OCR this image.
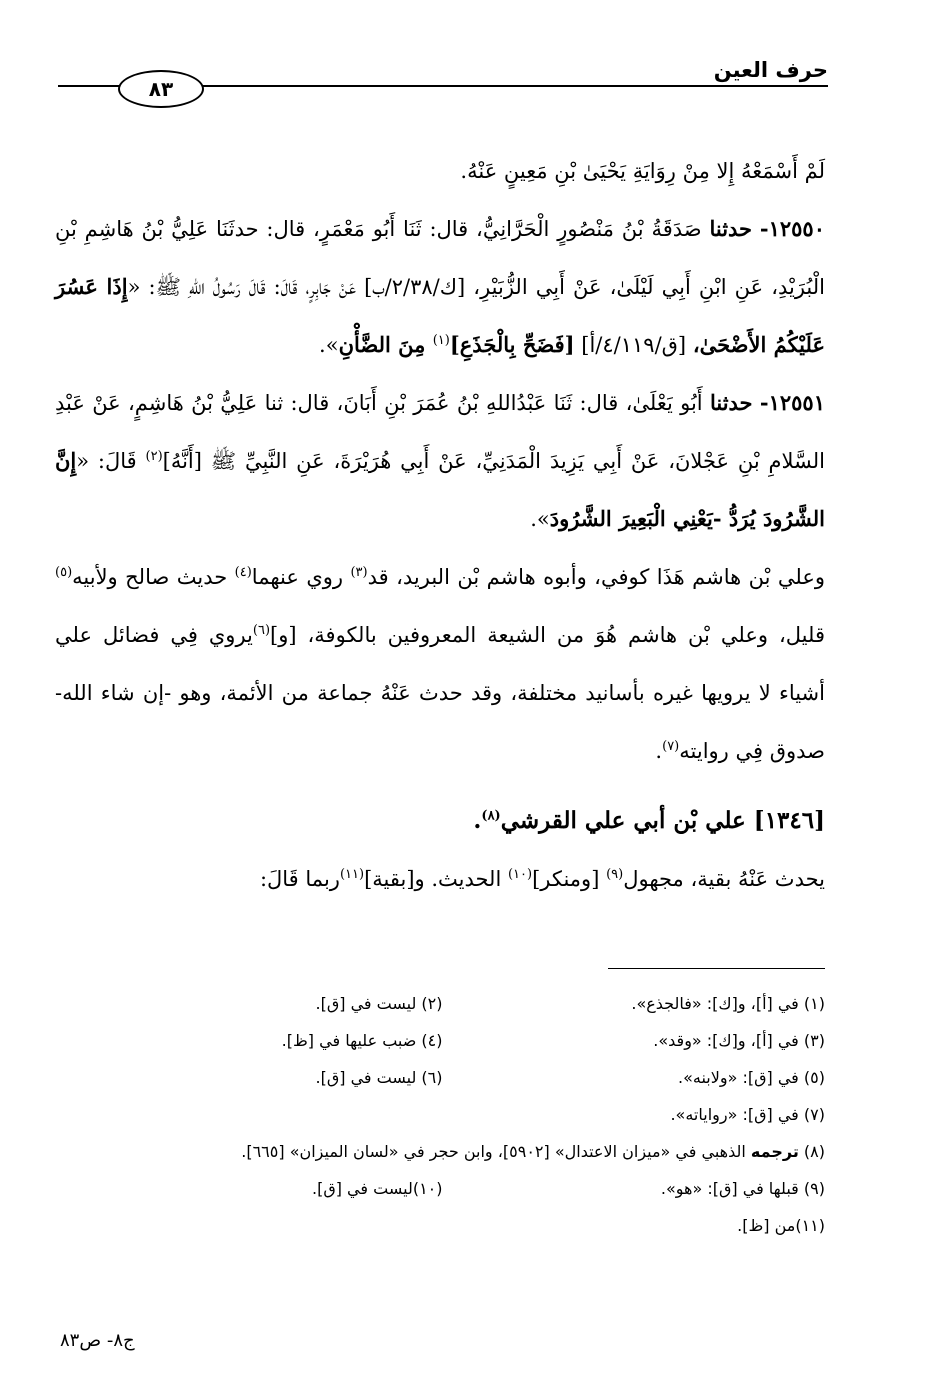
حرف العين
٨٣

لَمْ أَسْمَعْهُ إِلا مِنْ رِوَايَةِ يَحْيَىٰ بْنِ مَعِينٍ عَنْهُ.

١٢٥٥٠- حدثنا صَدَقَةُ بْنُ مَنْصُورٍ الْحَرَّانِيُّ، قال: ثَنَا أَبُو مَعْمَرٍ، قال: حدثَنَا عَلِيُّ بْنُ هَاشِمِ بْنِ الْبُرَيْدِ، عَنِ ابْنِ أَبِي لَيْلَىٰ، عَنْ أَبِي الزُّبَيْرِ، [ك/٢/٣٨/ب] عَنْ جَابِرٍ، قَالَ: قَالَ رَسُولُ اللهِ ﷺ: «إِذَا عَسُرَ عَلَيْكُمُ الأَضْحَىٰ، [ق/٤/١١٩/أ] [فَضَحِّ بِالْجَذَعِ]$^{(١)}$ مِنَ الضَّأْنِ».

١٢٥٥١- حدثنا أَبُو يَعْلَىٰ، قال: ثَنَا عَبْدُاللهِ بْنُ عُمَرَ بْنِ أَبَانَ، قال: ثنا عَلِيُّ بْنُ هَاشِمٍ، عَنْ عَبْدِ السَّلامِ بْنِ عَجْلانَ، عَنْ أَبِي يَزِيدَ الْمَدَنِيِّ، عَنْ أَبِي هُرَيْرَةَ، عَنِ النَّبِيِّ ﷺ [أَنَّهُ]$^{(٢)}$ قَالَ: «إِنَّ الشَّرُودَ يُرَدُّ -يَعْنِي الْبَعِيرَ الشَّرُودَ».

وعلي بْن هاشم هَذَا كوفي، وأبوه هاشم بْن البريد، قد$^{(٣)}$ روي عنهما$^{(٤)}$ حديث صالح ولأبيه$^{(٥)}$ قليل، وعلي بْن هاشم هُوَ من الشيعة المعروفين بالكوفة، [و]$^{(٦)}$يروي فِي فضائل علي أشياء لا يرويها غيره بأسانيد مختلفة، وقد حدث عَنْهُ جماعة من الأئمة، وهو -إن شاء الله- صدوق فِي روايته$^{(٧)}$.

[١٣٤٦] علي بْن أبي علي القرشي$^{(٨)}$.

يحدث عَنْهُ بقية، مجهول$^{(٩)}$ [ومنكر]$^{(١٠)}$ الحديث. و[بقية]$^{(١١)}$ربما قَالَ:

(١) في [أ]، و[ك]: «فالجذع».
(٢) ليست في [ق].
(٣) في [أ]، و[ك]: «وقد».
(٤) ضبب عليها في [ظ].
(٥) في [ق]: «ولابنه».
(٦) ليست في [ق].
(٧) في [ق]: «رواياته».
(٨) ترجمه الذهبي في «ميزان الاعتدال» [٥٩٠٢]، وابن حجر في «لسان الميزان» [٦٦٥].
(٩) قبلها في [ق]: «هو».
(١٠)ليست في [ق].
(١١)من [ظ].
ج٨- ص٨٣
